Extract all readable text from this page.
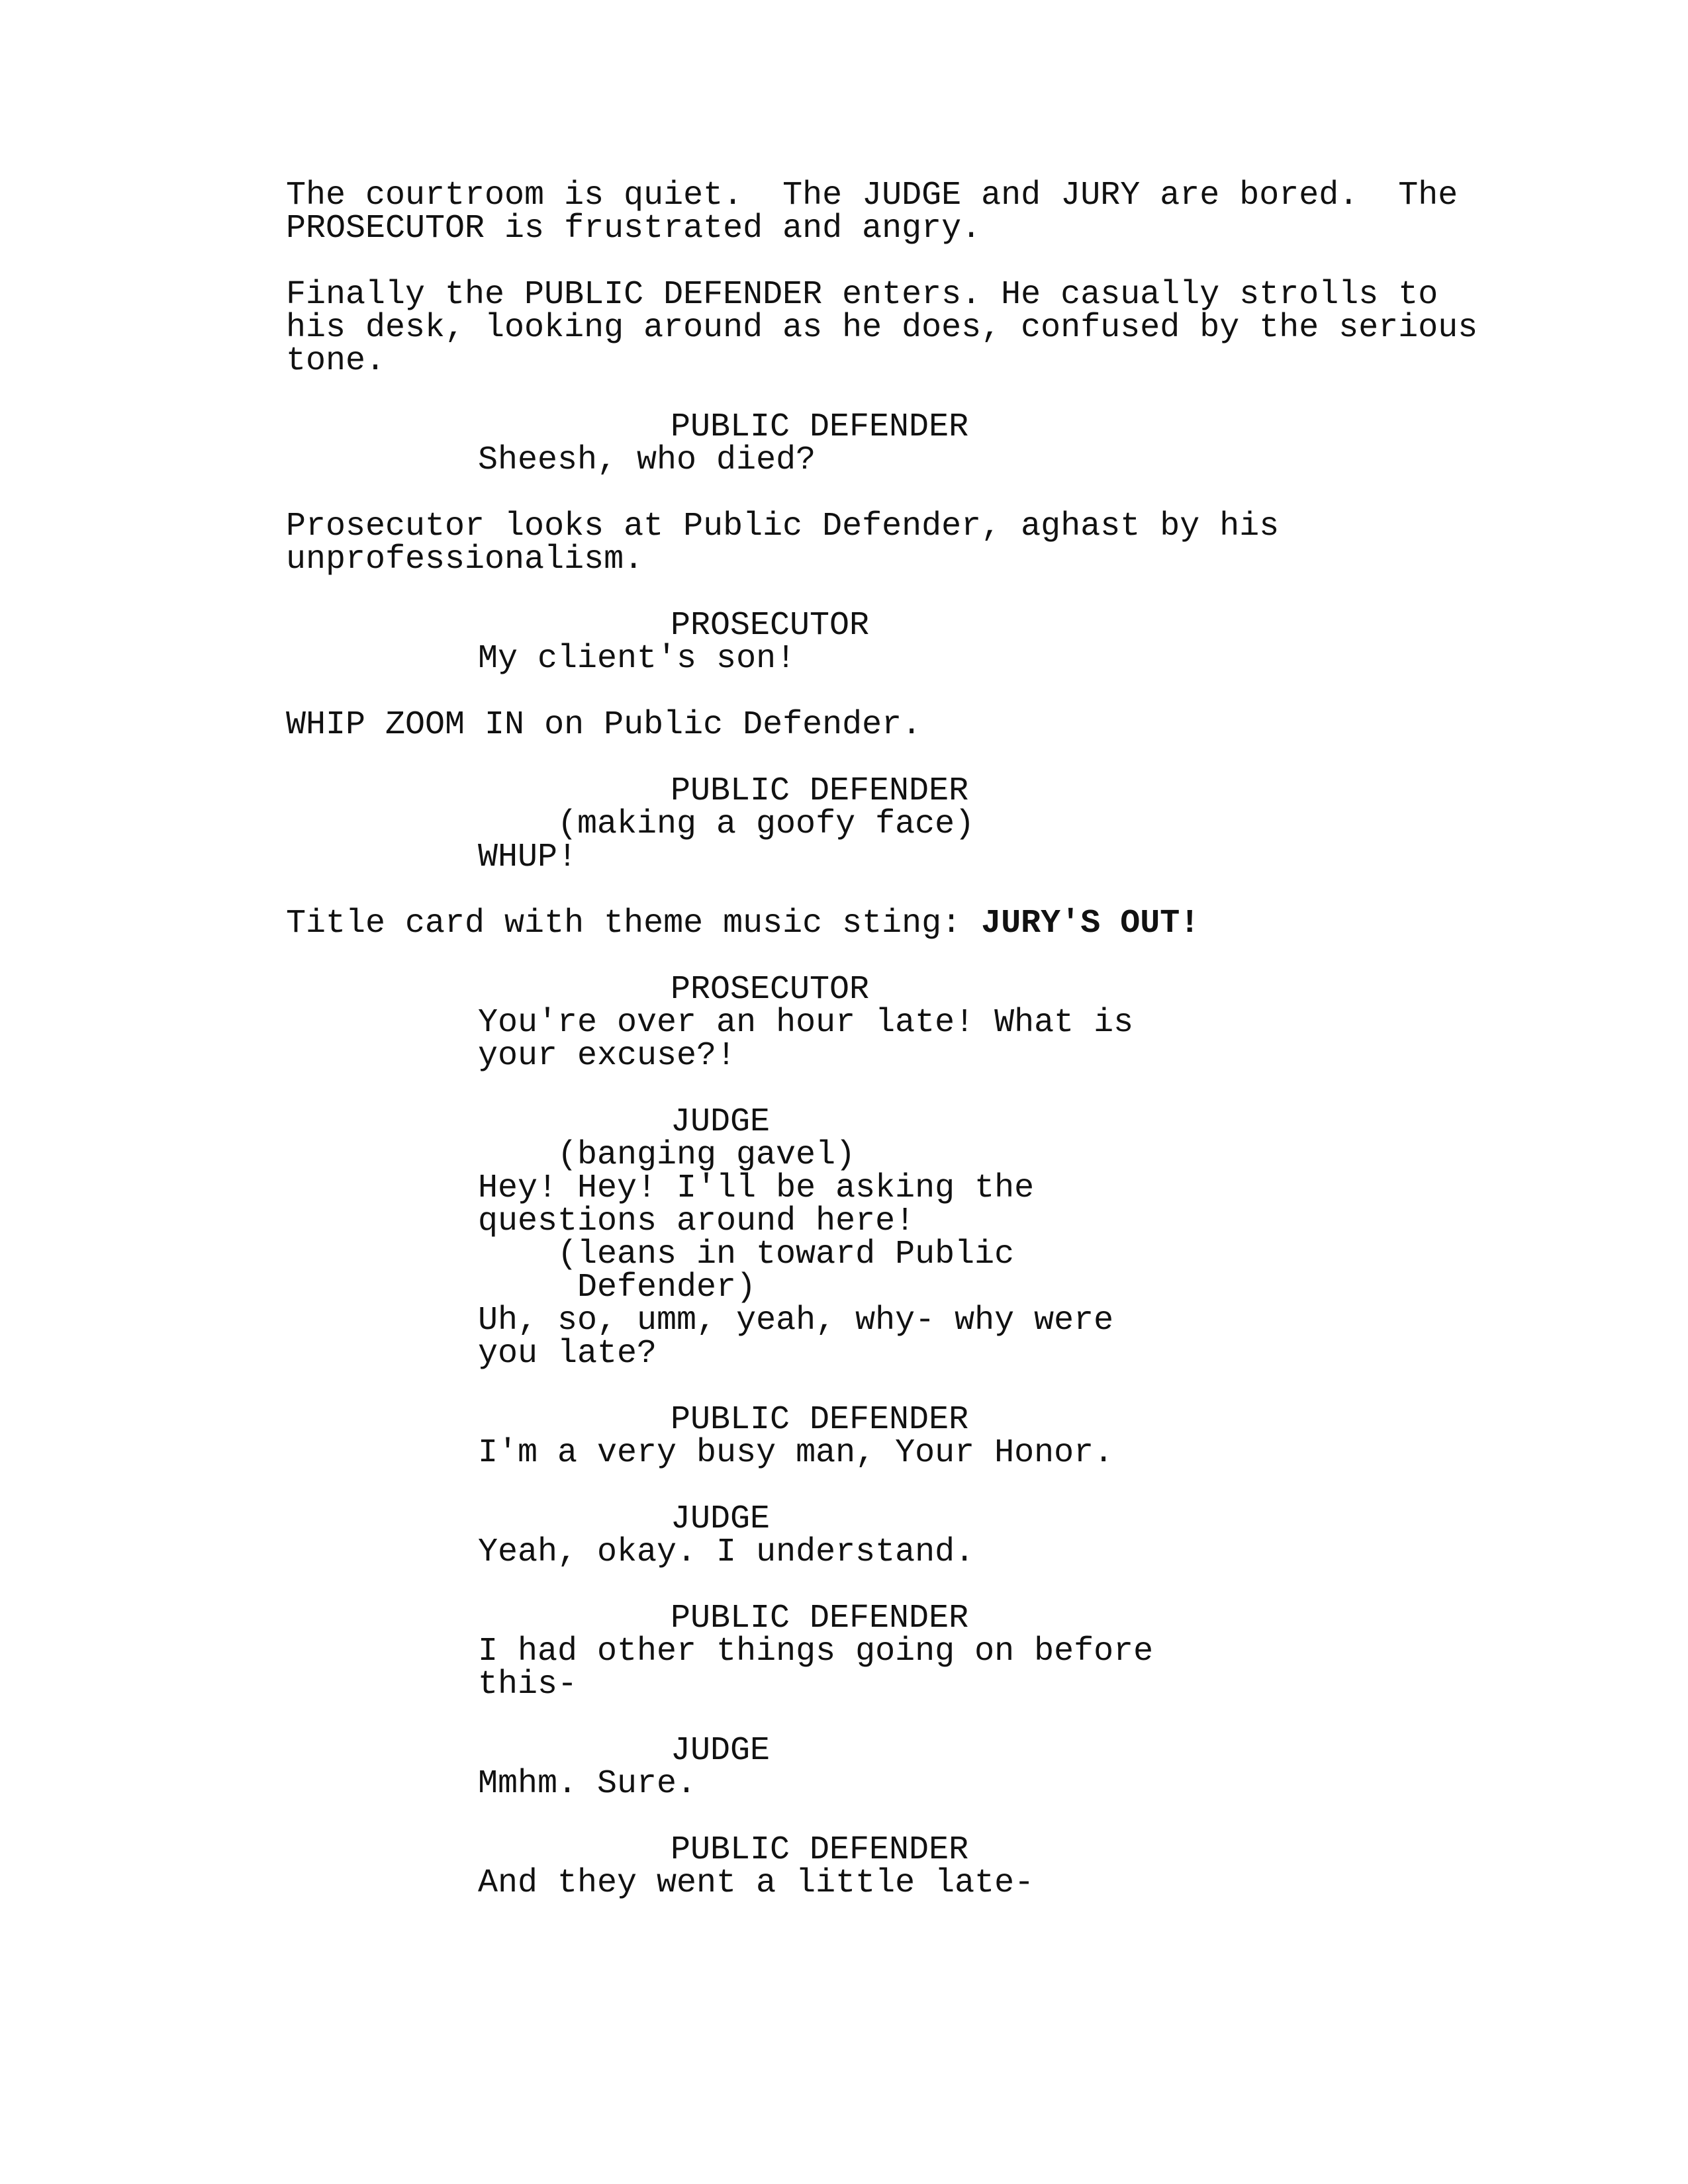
The courtroom is quiet.  The JUDGE and JURY are bored.  The
PROSECUTOR is frustrated and angry.
Finally the PUBLIC DEFENDER enters. He casually strolls to
his desk, looking around as he does, confused by the serious
tone.
PUBLIC DEFENDER
Sheesh, who died?
Prosecutor looks at Public Defender, aghast by his
unprofessionalism.
PROSECUTOR
My client's son!
WHIP ZOOM IN on Public Defender.
PUBLIC DEFENDER
(making a goofy face)
WHUP!
Title card with theme music sting: JURY'S OUT!
PROSECUTOR
You're over an hour late! What is
your excuse?!
JUDGE
(banging gavel)
Hey! Hey! I'll be asking the
questions around here!
(leans in toward Public
Defender)
Uh, so, umm, yeah, why- why were
you late?
PUBLIC DEFENDER
I'm a very busy man, Your Honor.
JUDGE
Yeah, okay. I understand.
PUBLIC DEFENDER
I had other things going on before
this-
JUDGE
Mmhm. Sure.
PUBLIC DEFENDER
And they went a little late-
